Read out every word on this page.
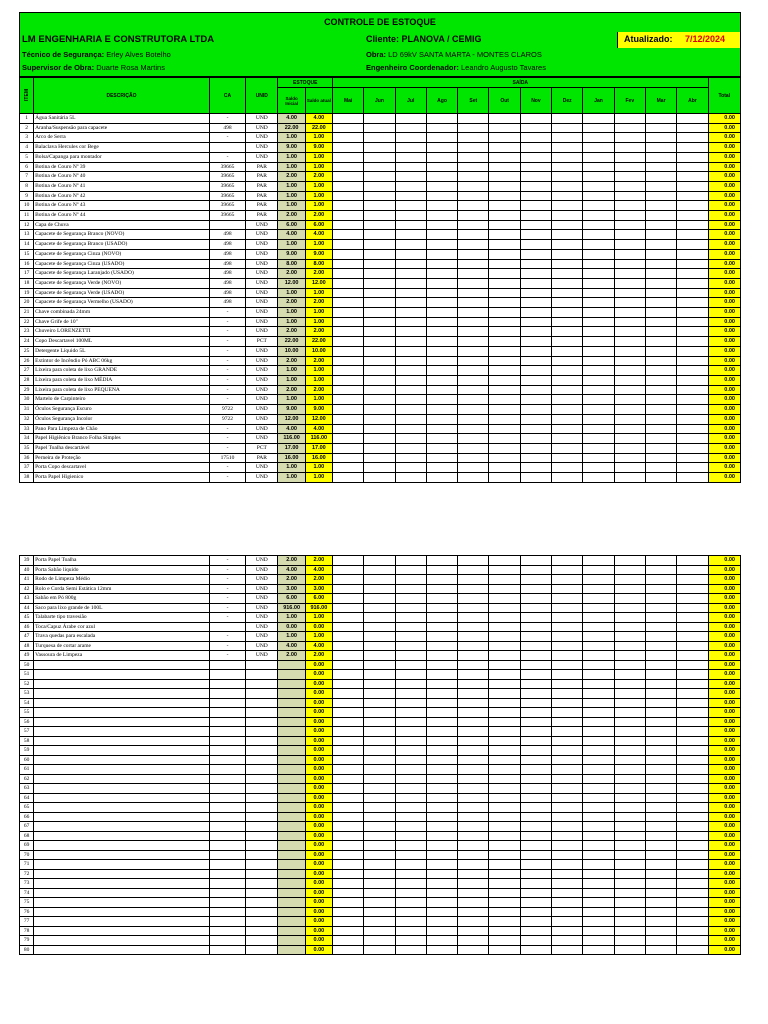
CONTROLE DE ESTOQUE
LM ENGENHARIA E CONSTRUTORA LTDA	Cliente: PLANOVA / CEMIG	Atualizado: 7/12/2024
Técnico de Segurança: Erley Alves Botelho	Obra: LD 69kV SANTA MARTA - MONTES CLAROS
Supervisor de Obra: Duarte Rosa Martins	Engenheiro Coordenador: Leandro Augusto Tavares
ITEM	DESCRIÇÃO	CA	UNID	ESTOQUE		SAÍDA												Total
				Saldo Inicial	Saldo atual	Mai	Jun	Jul	Ago	Set	Out	Nov	Dez	Jan	Fev	Mar	Abr	
1	Água Sanitária 5L	-	UND	4.00	4.00													0.00
2	Aranha/Suspensão para capacete	498	UND	22.00	22.00													0.00
3	Arco de Serra	-	UND	1.00	1.00													0.00
4	Balaclava Hercules cor Bege		UND	9.00	9.00													0.00
5	Bolsa/Capanga para montador	-	UND	1.00	1.00													0.00
6	Botina de Couro Nº 39	39665	PAR	1.00	1.00													0.00
7	Botina de Couro Nº 40	39665	PAR	2.00	2.00													0.00
8	Botina de Couro Nº 41	39665	PAR	1.00	1.00													0.00
9	Botina de Couro Nº 42	39665	PAR	1.00	1.00													0.00
10	Botina de Couro Nº 43	39665	PAR	1.00	1.00													0.00
11	Botina de Couro Nº 44	39665	PAR	2.00	2.00													0.00
12	Capa de Chuva		UND	6.00	6.00													0.00
13	Capacete de Segurança Branco (NOVO)	498	UND	4.00	4.00													0.00
14	Capacete de Segurança Branco (USADO)	498	UND	1.00	1.00													0.00
15	Capacete de Segurança Cinza (NOVO)	498	UND	9.00	9.00													0.00
16	Capacete de Segurança Cinza (USADO)	498	UND	8.00	8.00													0.00
17	Capacete de Segurança Laranjado (USADO)	498	UND	2.00	2.00													0.00
18	Capacete de Segurança Verde (NOVO)	498	UND	12.00	12.00													0.00
19	Capacete de Segurança Verde (USADO)	498	UND	1.00	1.00													0.00
20	Capacete de Segurança Vermelho (USADO)	498	UND	2.00	2.00													0.00
21	Chave combinada 24mm	-	UND	1.00	1.00													0.00
22	Chave Grife de 10"	-	UND	1.00	1.00													0.00
23	Chuveiro LORENZETTI	-	UND	2.00	2.00													0.00
24	Copo Descartavel 100ML	-	PCT	22.00	22.00													0.00
25	Detergente Líquido 5L	-	UND	10.00	10.00													0.00
26	Extintor de Incêndio Pó ABC 06kg	-	UND	2.00	2.00													0.00
27	Lixeira para coleta de lixo GRANDE	-	UND	1.00	1.00													0.00
28	Lixeira para coleta de lixo MÉDIA	-	UND	1.00	1.00													0.00
29	Lixeira para coleta de lixo PEQUENA	-	UND	2.00	2.00													0.00
30	Martelo de Carpinteiro	-	UND	1.00	1.00													0.00
31	Óculos Segurança Escuro	9722	UND	9.00	9.00													0.00
32	Óculos Segurança Incolor	9722	UND	12.00	12.00													0.00
33	Pano Para Limpeza de Chão	-	UND	4.00	4.00													0.00
34	Papel Higiênico Branco Folha Simples	-	UND	116.00	116.00													0.00
35	Papel Toalha descartável	-	PCT	17.00	17.00													0.00
36	Perneira de Proteção	17510	PAR	16.00	16.00													0.00
37	Porta Copo descartavel	-	UND	1.00	1.00													0.00
38	Porta Papel Higienico	-	UND	1.00	1.00													0.00
39	Porta Papel Toalha	-	UND	2.00	2.00													0.00
40	Porta Sabão liquido	-	UND	4.00	4.00													0.00
41	Rodo de Limpeza Médio	-	UND	2.00	2.00													0.00
42	Rolo e Corda Semi Estática 12mm	-	UND	3.00	3.00													0.00
43	Sabão em Pó 800g	-	UND	6.00	6.00													0.00
44	Saco para lixo grande de 100L	-	UND	916.00	916.00													0.00
45	Talabarte tipo travesião	-	UND	1.00	1.00													0.00
46	Toca/Capuz Árabe cor azul		UND	0.00	0.00													0.00
47	Trava quedas para escalada	-	UND	1.00	1.00													0.00
48	Turquesa de cortar arame	-	UND	4.00	4.00													0.00
49	Vassoura de Limpeza	-	UND	2.00	2.00													0.00
50					0.00													0.00
51					0.00													0.00
52					0.00													0.00
53					0.00													0.00
54					0.00													0.00
55					0.00													0.00
56					0.00													0.00
57					0.00													0.00
58					0.00													0.00
59					0.00													0.00
60					0.00													0.00
61					0.00													0.00
62					0.00													0.00
63					0.00													0.00
64					0.00													0.00
65					0.00													0.00
66					0.00													0.00
67					0.00													0.00
68					0.00													0.00
69					0.00													0.00
70					0.00													0.00
71					0.00													0.00
72					0.00													0.00
73					0.00													0.00
74					0.00													0.00
75					0.00													0.00
76					0.00													0.00
77					0.00													0.00
78					0.00													0.00
79					0.00													0.00
80					0.00													0.00
